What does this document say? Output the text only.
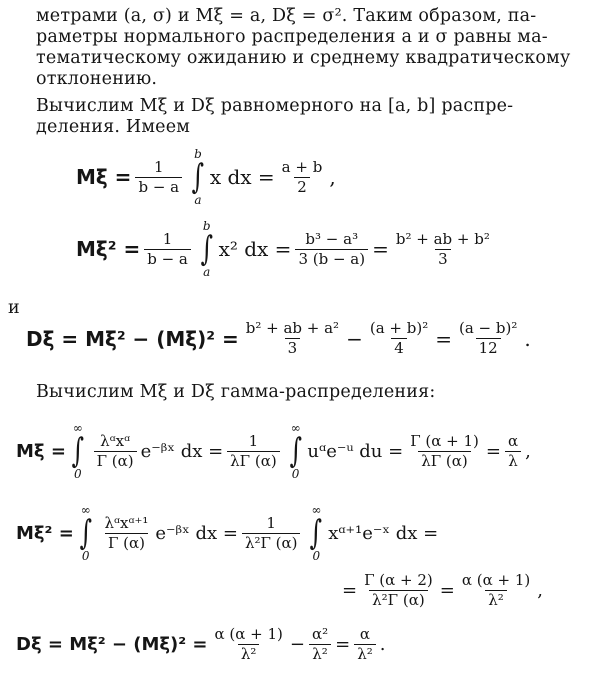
метрами (a, σ) и Mξ = a, Dξ = σ². Таким образом, па-
раметры нормального распределения a и σ равны ма-
тематическому ожиданию и среднему квадратическому
отклонению.
Вычислим Mξ и Dξ равномерного на [a, b] распре-
деления. Имеем
$M\xi = \frac{1}{b - a}$
b
∫
a
x dx = $\frac{a + b}{2}$ ,
$M\xi^2 = \frac{1}{b - a}$
b
∫
a
x² dx = $\frac{\text{b³ − a³}}{3 (b - a)} = \frac{\text{b² + ab + b²}}{3}$
и
$D\xi = M\xi^2 - (M\xi)^2 = \frac{\text{b² + ab + a²}}{3} - \frac{\text{(a + b)²}}{4} = \frac{\text{(a − b)²}}{12}$ .
Вычислим Mξ и Dξ гамма-распределения:
Mξ =
∞
∫
0
$\frac{\text{λᵅxᵅ}}{\Gamma (\alpha)}$ e⁻ᵝˣ dx = $\frac{1}{\lambda\Gamma (\alpha)}$
∞
∫
0
uᵅe⁻ᵘ du = $\frac{\Gamma (\alpha + 1)}{\lambda\Gamma (\alpha)} = \frac{\alpha}{\lambda}$ ,
Mξ² =
∞
∫
0
$\frac{\text{λᵅxᵅ⁺¹}}{\Gamma (\alpha)}$ e⁻ᵝˣ dx = $\frac{1}{\text{λ²Γ (α)}}$
∞
∫
0
xᵅ⁺¹e⁻ˣ dx =
= $\frac{\Gamma (\alpha + 2)}{\text{λ²Γ (α)}} = \frac{\alpha (\alpha + 1)}{\text{λ²}}$ ,
$D\xi = M\xi^2 - (M\xi)^2 = \frac{\alpha (\alpha + 1)}{\text{λ²}} - \frac{\text{α²}}{\text{λ²}} = \frac{\alpha}{\text{λ²}}$ .
